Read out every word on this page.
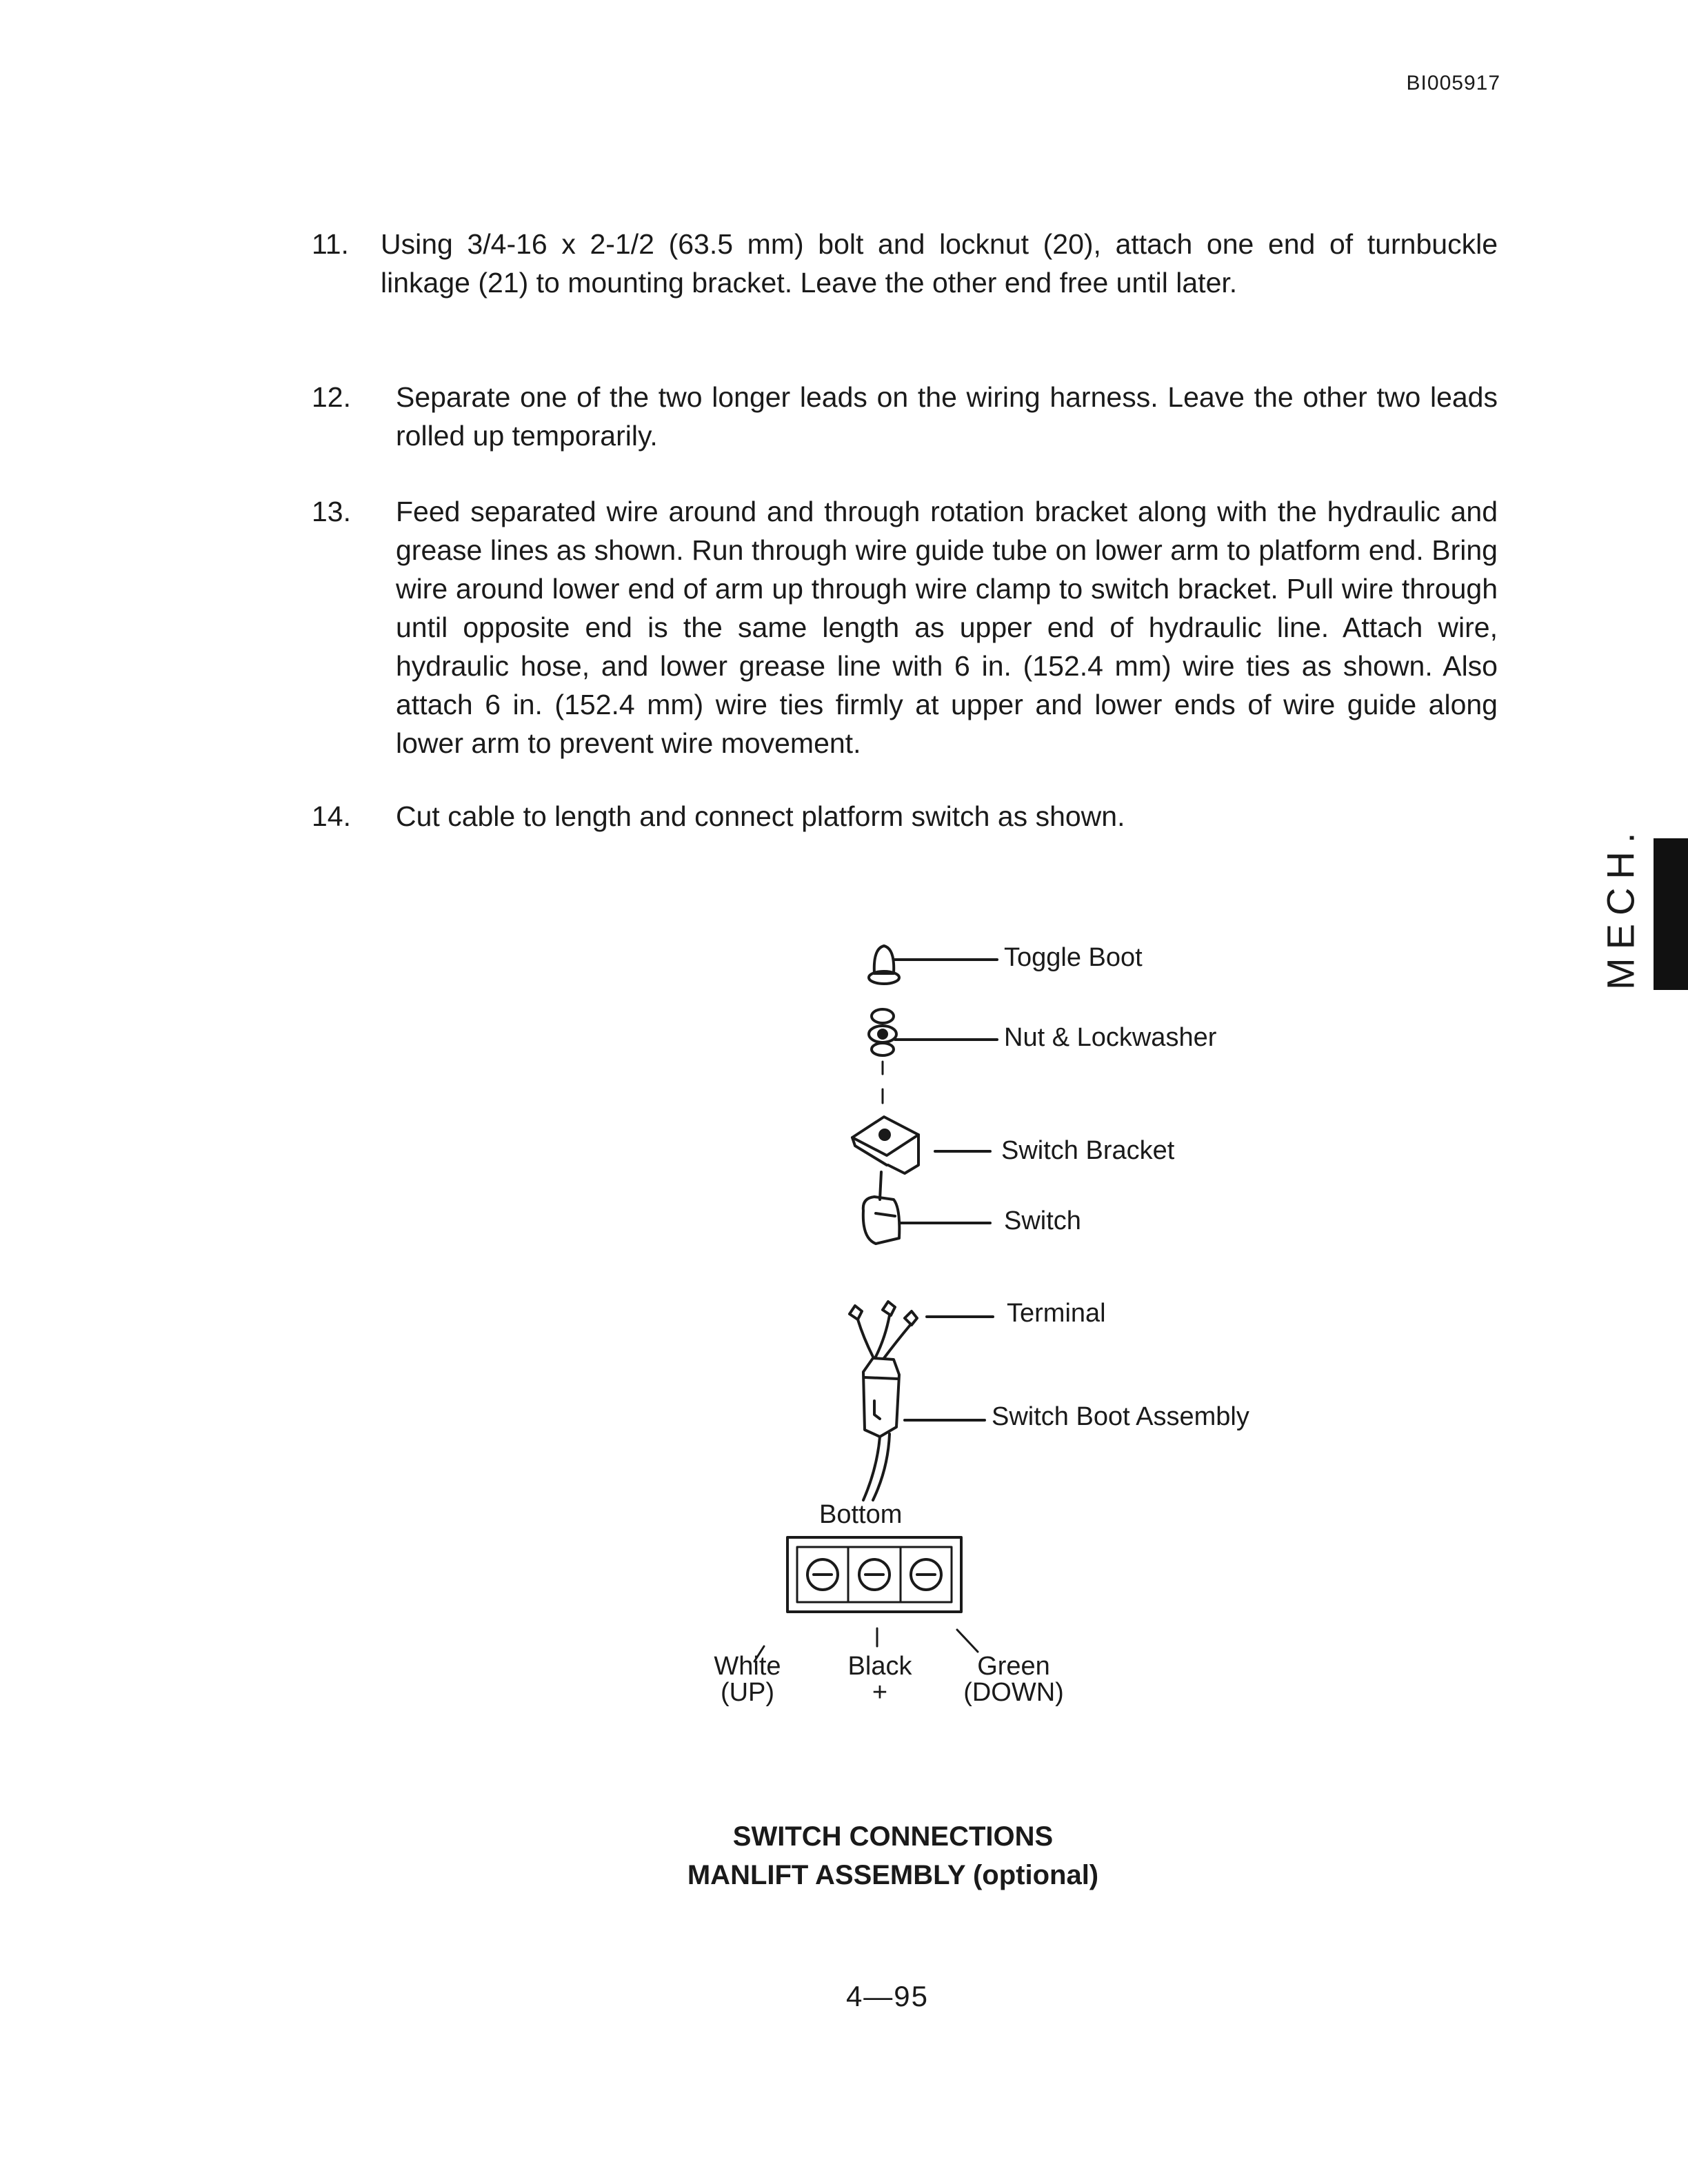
BI005917
11. Using 3/4-16 x 2-1/2 (63.5 mm) bolt and locknut (20), attach one end of turnbuckle linkage (21) to mounting bracket. Leave the other end free until later.
12. Separate one of the two longer leads on the wiring harness. Leave the other two leads rolled up temporarily.
13. Feed separated wire around and through rotation bracket along with the hydraulic and grease lines as shown. Run through wire guide tube on lower arm to platform end. Bring wire around lower end of arm up through wire clamp to switch bracket. Pull wire through until opposite end is the same length as upper end of hydraulic line. Attach wire, hydraulic hose, and lower grease line with 6 in. (152.4 mm) wire ties as shown. Also attach 6 in. (152.4 mm) wire ties firmly at upper and lower ends of wire guide along lower arm to prevent wire movement.
14. Cut cable to length and connect platform switch as shown.
MECH.
Toggle Boot
Nut & Lockwasher
Switch Bracket
Switch
Terminal
Switch Boot Assembly
Bottom
White
(UP)
Black
+
Green
(DOWN)
SWITCH CONNECTIONS
MANLIFT ASSEMBLY (optional)
4—95
